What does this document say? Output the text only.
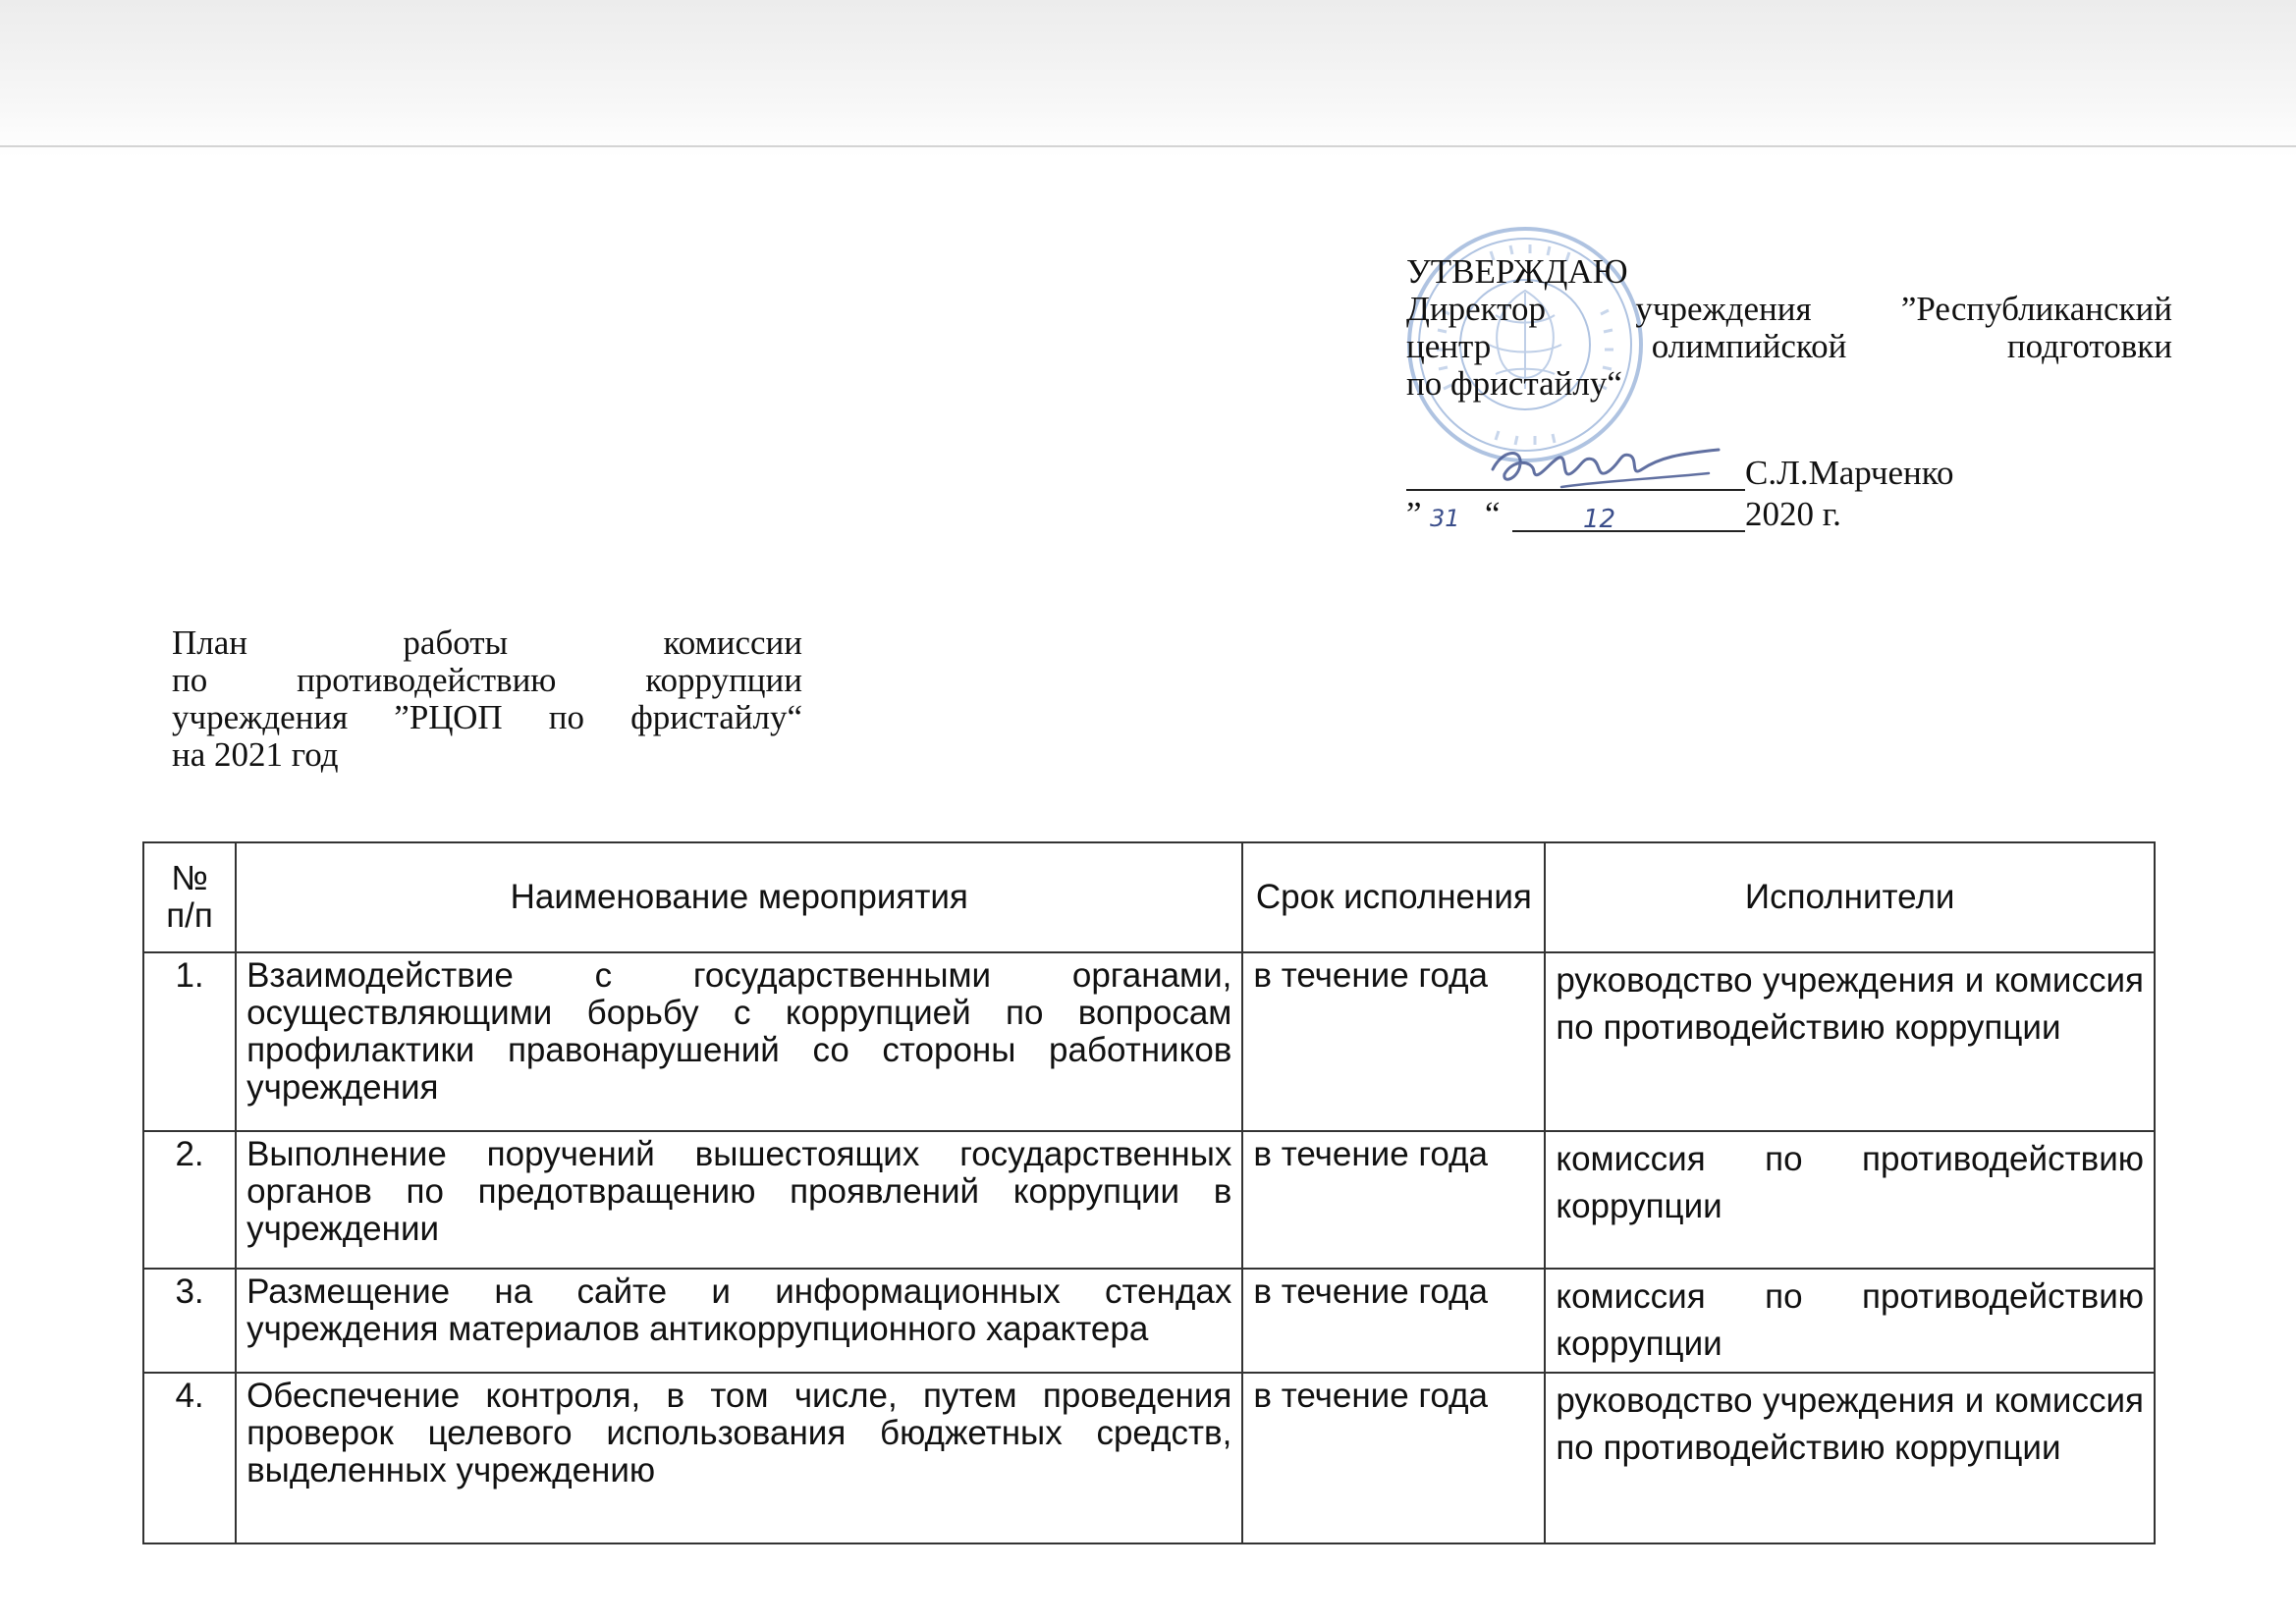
УТВЕРЖДАЮ
Директор учреждения ”Республиканский
центр олимпийской подготовки
по фристайлу“
С.Л.Марченко
” 31 “	12	2020 г.
План работы комиссии
по противодействию коррупции
учреждения ”РЦОП по фристайлу“
на 2021 год
№ п/п	Наименование мероприятия	Срок исполнения	Исполнители
1.	Взаимодействие с государственными органами, осуществляющими борьбу с коррупцией по вопросам профилактики правонарушений со стороны работников учреждения	в течение года	руководство учреждения и комиссия по противодействию коррупции
2.	Выполнение поручений вышестоящих государственных органов по предотвращению проявлений коррупции в учреждении	в течение года	комиссия по противодействию коррупции
3.	Размещение на сайте и информационных стендах учреждения материалов антикоррупционного характера	в течение года	комиссия по противодействию коррупции
4.	Обеспечение контроля, в том числе, путем проведения проверок целевого использования бюджетных средств, выделенных учреждению	в течение года	руководство учреждения и комиссия по противодействию коррупции
